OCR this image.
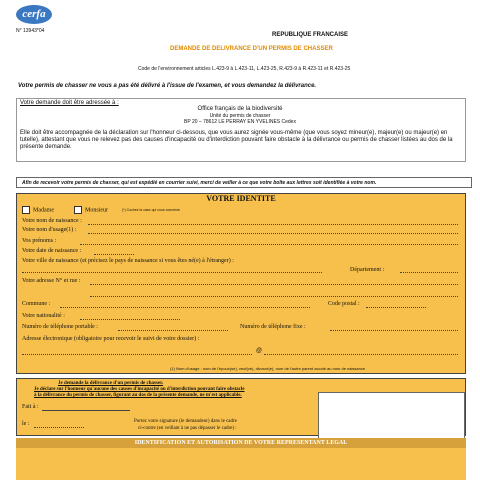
cerfa
N° 13943*04
REPUBLIQUE FRANCAISE
DEMANDE DE DELIVRANCE D'UN PERMIS DE CHASSER
Code de l'environnement articles L.423-9 à L.423-11, L.423-25, R.423-9 à R.423-11 et R.423-25
Votre permis de chasser ne vous a pas été délivré à l'issue de l'examen, et vous demandez la délivrance.
Votre demande doit être adressée à :
Office français de la biodiversité
Unité du permis de chasser
BP 20 – 78612 LE PERRAY EN YVELINES Cedex
Elle doit être accompagnée de la déclaration sur l'honneur ci-dessous, que vous aurez signée vous-même (que vous soyez mineur(e), majeur(e) ou majeur(e) en tutelle), attestant que vous ne relevez pas des causes d'incapacité ou d'interdiction pouvant faire obstacle à la délivrance ou permis de chasser listées au dos de la présente demande.
Afin de recevoir votre permis de chasser, qui est expédié en courrier suivi, merci de veiller à ce que votre boîte aux lettres soit identifiée à votre nom.
VOTRE IDENTITE
Madame	Monsieur	(*) Cochez la case qui vous concerne
Votre nom de naissance :
Votre nom d'usage(1) :
Vos prénoms :
Votre date de naissance :
Votre ville de naissance (et précisez le pays de naissance si vous êtes né(e) à l'étranger) :
Département :
Votre adresse N° et rue :
Commune :	Code postal :
Votre nationalité :
Numéro de téléphone portable :	Numéro de téléphone fixe :
Adresse électronique (obligatoire pour recevoir le suivi de votre dossier) :
@
(1) Nom d'usage : nom de l'époux(se), veuf(ve), divorcé(e), nom de l'autre parent accolé au nom de naissance
Je demande la délivrance d'un permis de chasser.
Je déclare sur l'honneur qu'aucune des causes d'incapacité ou d'interdiction pouvant faire obstacle
à la délivrance du permis de chasser, figurant au dos de la présente demande, ne m'est applicable.
Fait à :
le :	Portez votre signature (le demandeur) dans le cadre
ci-contre (en veillant à ne pas dépasser le cadre) :
IDENTIFICATION ET AUTORISATION DE VOTRE REPRESENTANT LEGAL
